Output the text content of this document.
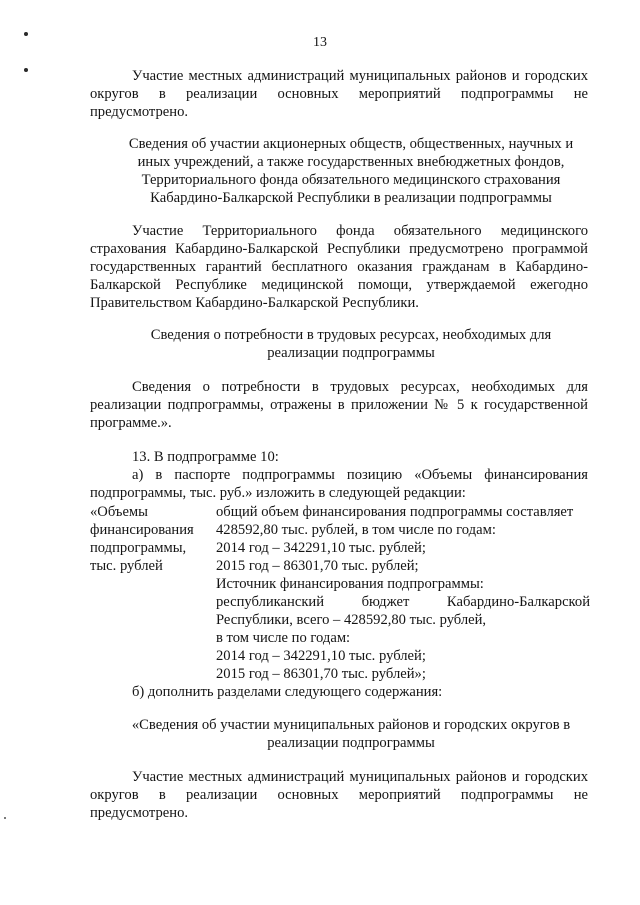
13
Участие местных администраций муниципальных районов и городских
округов в реализации основных мероприятий подпрограммы не
предусмотрено.
Сведения об участии акционерных обществ, общественных, научных и
иных учреждений, а также государственных внебюджетных фондов,
Территориального фонда обязательного медицинского страхования
Кабардино-Балкарской Республики в реализации подпрограммы
Участие Территориального фонда обязательного медицинского
страхования Кабардино-Балкарской Республики предусмотрено программой
государственных гарантий бесплатного оказания гражданам в Кабардино-
Балкарской Республике медицинской помощи, утверждаемой ежегодно
Правительством Кабардино-Балкарской Республики.
Сведения о потребности в трудовых ресурсах, необходимых для
реализации подпрограммы
Сведения о потребности в трудовых ресурсах, необходимых для
реализации подпрограммы, отражены в приложении № 5 к государственной
программе.».
13. В подпрограмме 10:
а) в паспорте подпрограммы позицию «Объемы финансирования
подпрограммы, тыс. руб.» изложить в следующей редакции:
«Объемы
финансирования
подпрограммы,
тыс. рублей
общий объем финансирования подпрограммы составляет
428592,80 тыс. рублей, в том числе по годам:
2014 год – 342291,10 тыс. рублей;
2015 год – 86301,70 тыс. рублей;
Источник финансирования подпрограммы:
республиканский бюджет Кабардино-Балкарской
Республики, всего – 428592,80 тыс. рублей,
в том числе по годам:
2014 год – 342291,10 тыс. рублей;
2015 год – 86301,70 тыс. рублей»;
б) дополнить разделами следующего содержания:
«Сведения об участии муниципальных районов и городских округов в
реализации подпрограммы
Участие местных администраций муниципальных районов и городских
округов в реализации основных мероприятий подпрограммы не
предусмотрено.
